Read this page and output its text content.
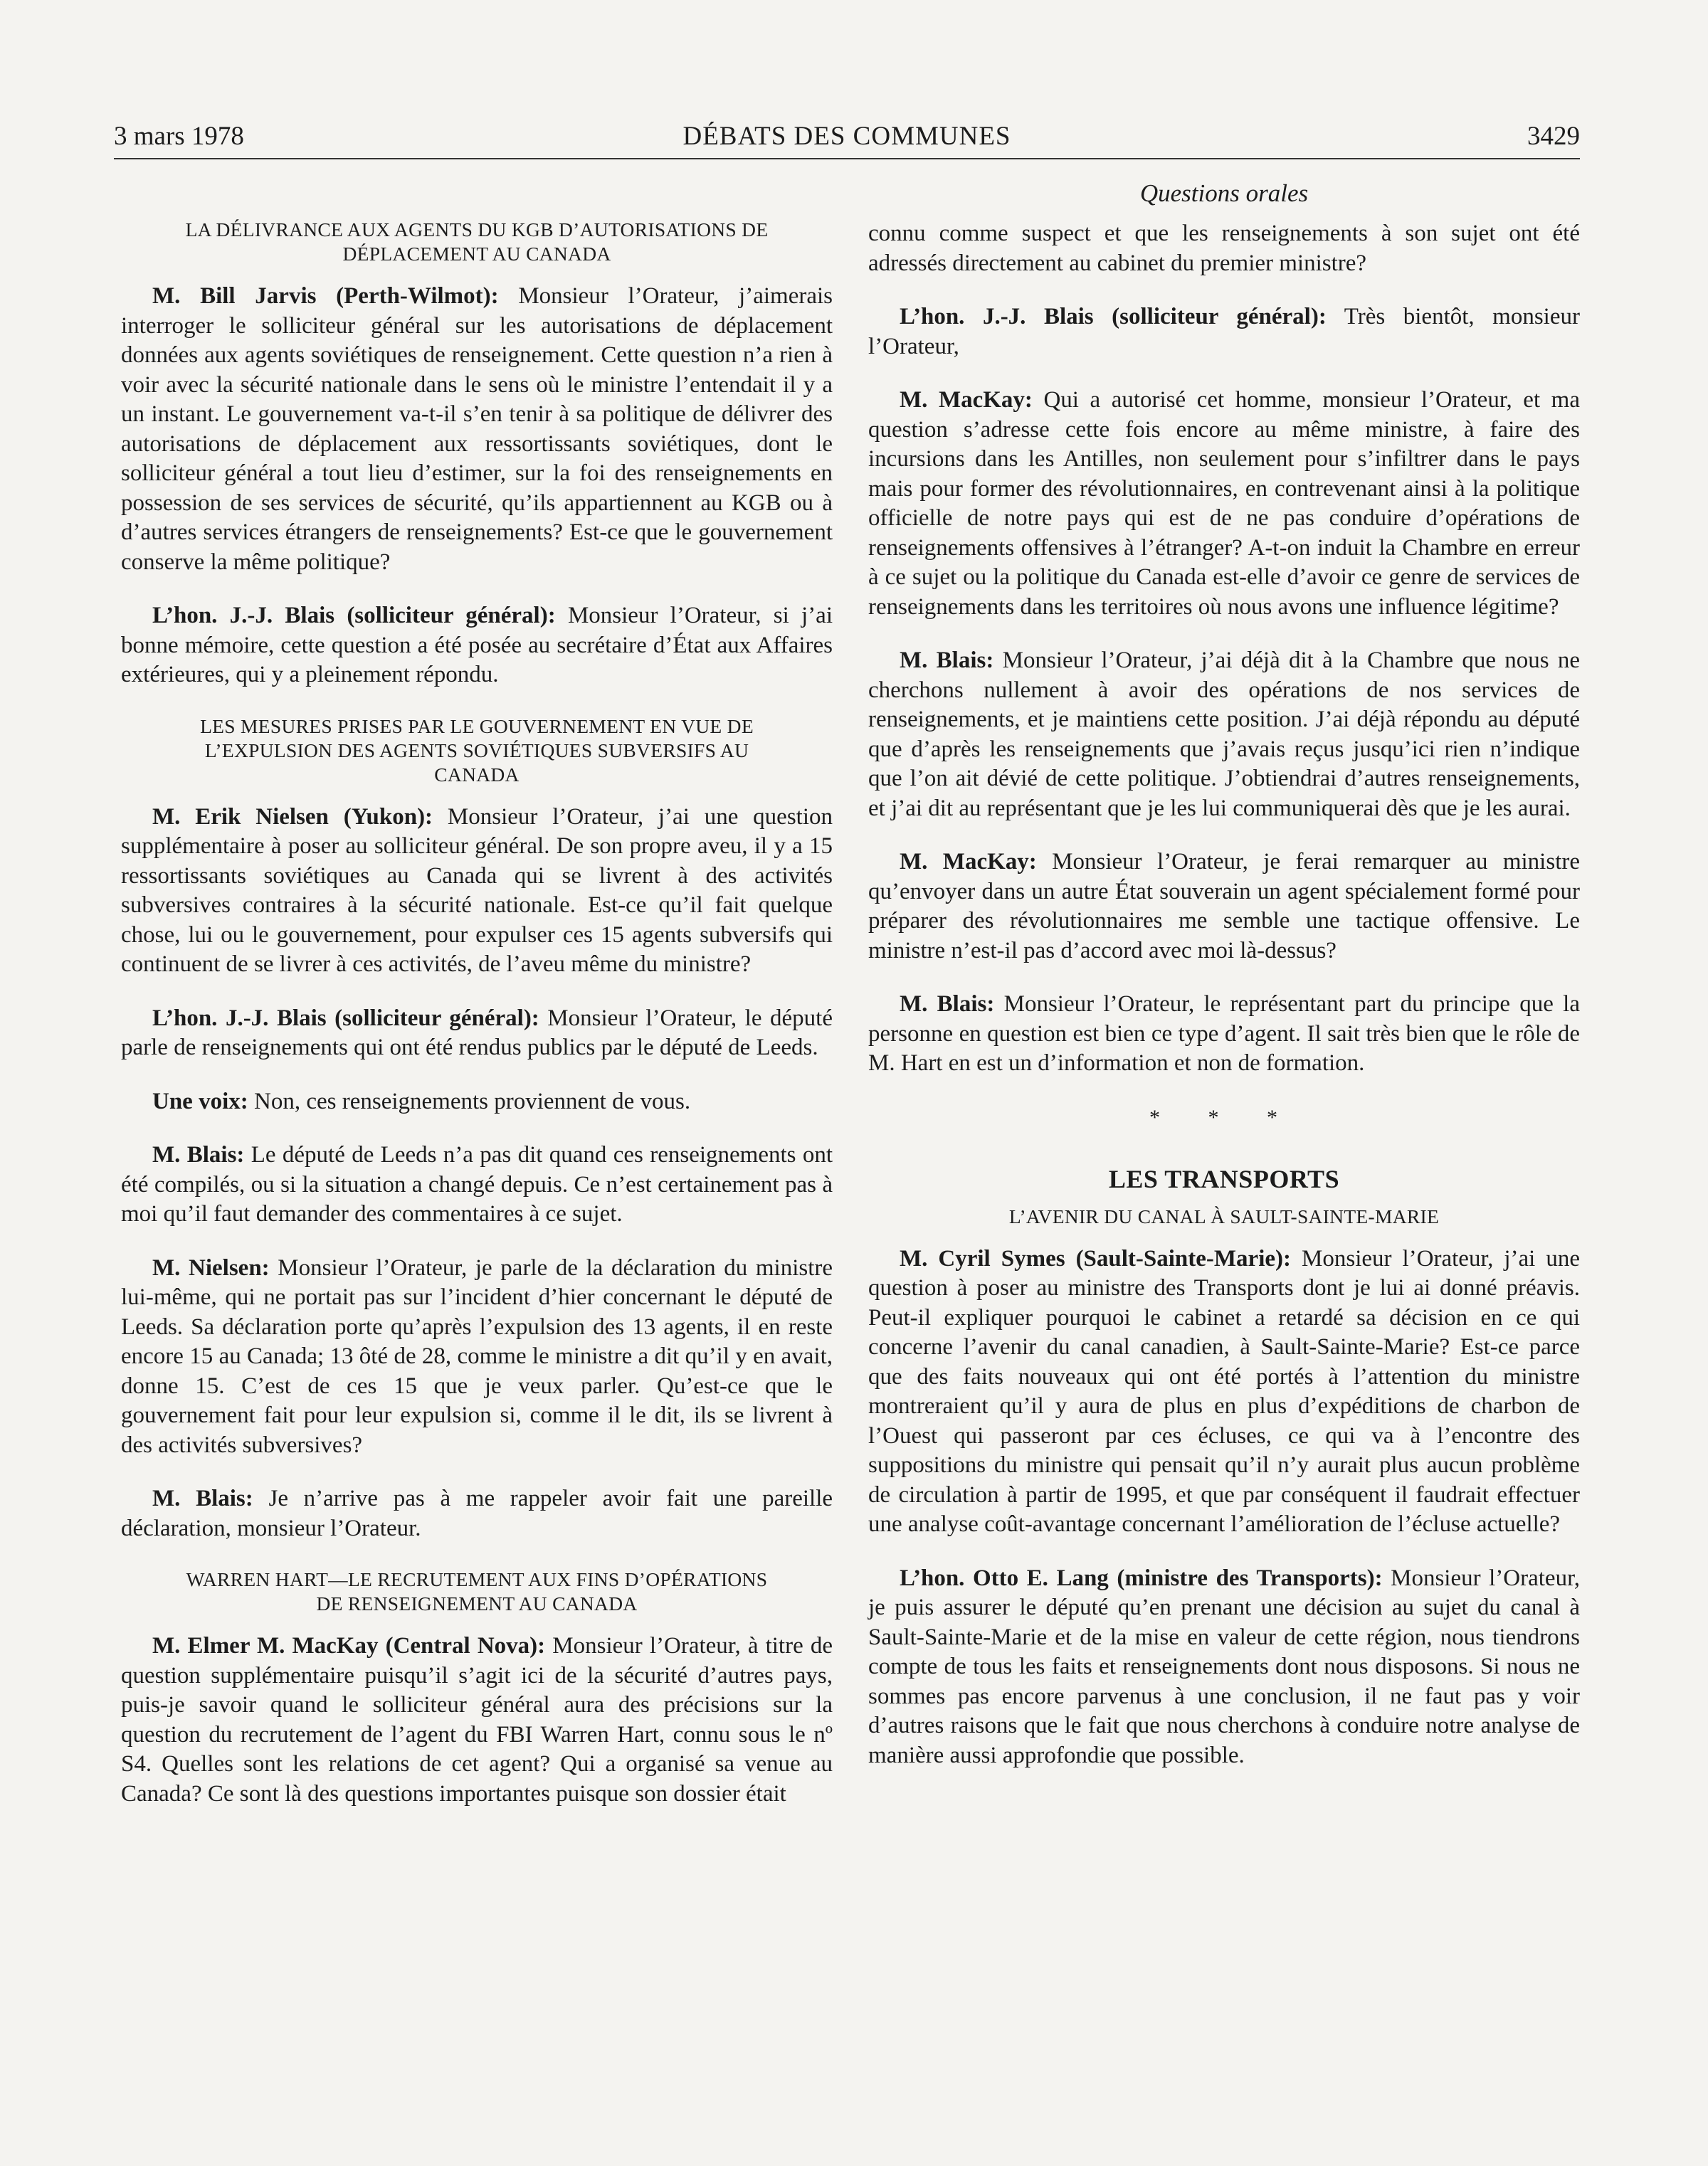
3 mars 1978	DÉBATS DES COMMUNES	3429
Questions orales
LA DÉLIVRANCE AUX AGENTS DU KGB D’AUTORISATIONS DE
DÉPLACEMENT AU CANADA

M. Bill Jarvis (Perth-Wilmot): Monsieur l’Orateur, j’aimerais interroger le solliciteur général sur les autorisations de déplacement données aux agents soviétiques de renseignement. Cette question n’a rien à voir avec la sécurité nationale dans le sens où le ministre l’entendait il y a un instant. Le gouvernement va-t-il s’en tenir à sa politique de délivrer des autorisations de déplacement aux ressortissants soviétiques, dont le solliciteur général a tout lieu d’estimer, sur la foi des renseignements en possession de ses services de sécurité, qu’ils appartiennent au KGB ou à d’autres services étrangers de renseignements? Est-ce que le gouvernement conserve la même politique?

L’hon. J.-J. Blais (solliciteur général): Monsieur l’Orateur, si j’ai bonne mémoire, cette question a été posée au secrétaire d’État aux Affaires extérieures, qui y a pleinement répondu.

LES MESURES PRISES PAR LE GOUVERNEMENT EN VUE DE
L’EXPULSION DES AGENTS SOVIÉTIQUES SUBVERSIFS AU
CANADA

M. Erik Nielsen (Yukon): Monsieur l’Orateur, j’ai une question supplémentaire à poser au solliciteur général. De son propre aveu, il y a 15 ressortissants soviétiques au Canada qui se livrent à des activités subversives contraires à la sécurité nationale. Est-ce qu’il fait quelque chose, lui ou le gouvernement, pour expulser ces 15 agents subversifs qui continuent de se livrer à ces activités, de l’aveu même du ministre?

L’hon. J.-J. Blais (solliciteur général): Monsieur l’Orateur, le député parle de renseignements qui ont été rendus publics par le député de Leeds.

Une voix: Non, ces renseignements proviennent de vous.

M. Blais: Le député de Leeds n’a pas dit quand ces renseignements ont été compilés, ou si la situation a changé depuis. Ce n’est certainement pas à moi qu’il faut demander des commentaires à ce sujet.

M. Nielsen: Monsieur l’Orateur, je parle de la déclaration du ministre lui-même, qui ne portait pas sur l’incident d’hier concernant le député de Leeds. Sa déclaration porte qu’après l’expulsion des 13 agents, il en reste encore 15 au Canada; 13 ôté de 28, comme le ministre a dit qu’il y en avait, donne 15. C’est de ces 15 que je veux parler. Qu’est-ce que le gouvernement fait pour leur expulsion si, comme il le dit, ils se livrent à des activités subversives?

M. Blais: Je n’arrive pas à me rappeler avoir fait une pareille déclaration, monsieur l’Orateur.

WARREN HART—LE RECRUTEMENT AUX FINS D’OPÉRATIONS
DE RENSEIGNEMENT AU CANADA

M. Elmer M. MacKay (Central Nova): Monsieur l’Orateur, à titre de question supplémentaire puisqu’il s’agit ici de la sécurité d’autres pays, puis-je savoir quand le solliciteur général aura des précisions sur la question du recrutement de l’agent du FBI Warren Hart, connu sous le nº S4. Quelles sont les relations de cet agent? Qui a organisé sa venue au Canada? Ce sont là des questions importantes puisque son dossier était

connu comme suspect et que les renseignements à son sujet ont été adressés directement au cabinet du premier ministre?

L’hon. J.-J. Blais (solliciteur général): Très bientôt, monsieur l’Orateur,

M. MacKay: Qui a autorisé cet homme, monsieur l’Orateur, et ma question s’adresse cette fois encore au même ministre, à faire des incursions dans les Antilles, non seulement pour s’infiltrer dans le pays mais pour former des révolutionnaires, en contrevenant ainsi à la politique officielle de notre pays qui est de ne pas conduire d’opérations de renseignements offensives à l’étranger? A-t-on induit la Chambre en erreur à ce sujet ou la politique du Canada est-elle d’avoir ce genre de services de renseignements dans les territoires où nous avons une influence légitime?

M. Blais: Monsieur l’Orateur, j’ai déjà dit à la Chambre que nous ne cherchons nullement à avoir des opérations de nos services de renseignements, et je maintiens cette position. J’ai déjà répondu au député que d’après les renseignements que j’avais reçus jusqu’ici rien n’indique que l’on ait dévié de cette politique. J’obtiendrai d’autres renseignements, et j’ai dit au représentant que je les lui communiquerai dès que je les aurai.

M. MacKay: Monsieur l’Orateur, je ferai remarquer au ministre qu’envoyer dans un autre État souverain un agent spécialement formé pour préparer des révolutionnaires me semble une tactique offensive. Le ministre n’est-il pas d’accord avec moi là-dessus?

M. Blais: Monsieur l’Orateur, le représentant part du principe que la personne en question est bien ce type d’agent. Il sait très bien que le rôle de M. Hart en est un d’information et non de formation.

* * *
LES TRANSPORTS
L’AVENIR DU CANAL À SAULT-SAINTE-MARIE

M. Cyril Symes (Sault-Sainte-Marie): Monsieur l’Orateur, j’ai une question à poser au ministre des Transports dont je lui ai donné préavis. Peut-il expliquer pourquoi le cabinet a retardé sa décision en ce qui concerne l’avenir du canal canadien, à Sault-Sainte-Marie? Est-ce parce que des faits nouveaux qui ont été portés à l’attention du ministre montreraient qu’il y aura de plus en plus d’expéditions de charbon de l’Ouest qui passeront par ces écluses, ce qui va à l’encontre des suppositions du ministre qui pensait qu’il n’y aurait plus aucun problème de circulation à partir de 1995, et que par conséquent il faudrait effectuer une analyse coût-avantage concernant l’amélioration de l’écluse actuelle?

L’hon. Otto E. Lang (ministre des Transports): Monsieur l’Orateur, je puis assurer le député qu’en prenant une décision au sujet du canal à Sault-Sainte-Marie et de la mise en valeur de cette région, nous tiendrons compte de tous les faits et renseignements dont nous disposons. Si nous ne sommes pas encore parvenus à une conclusion, il ne faut pas y voir d’autres raisons que le fait que nous cherchons à conduire notre analyse de manière aussi approfondie que possible.
